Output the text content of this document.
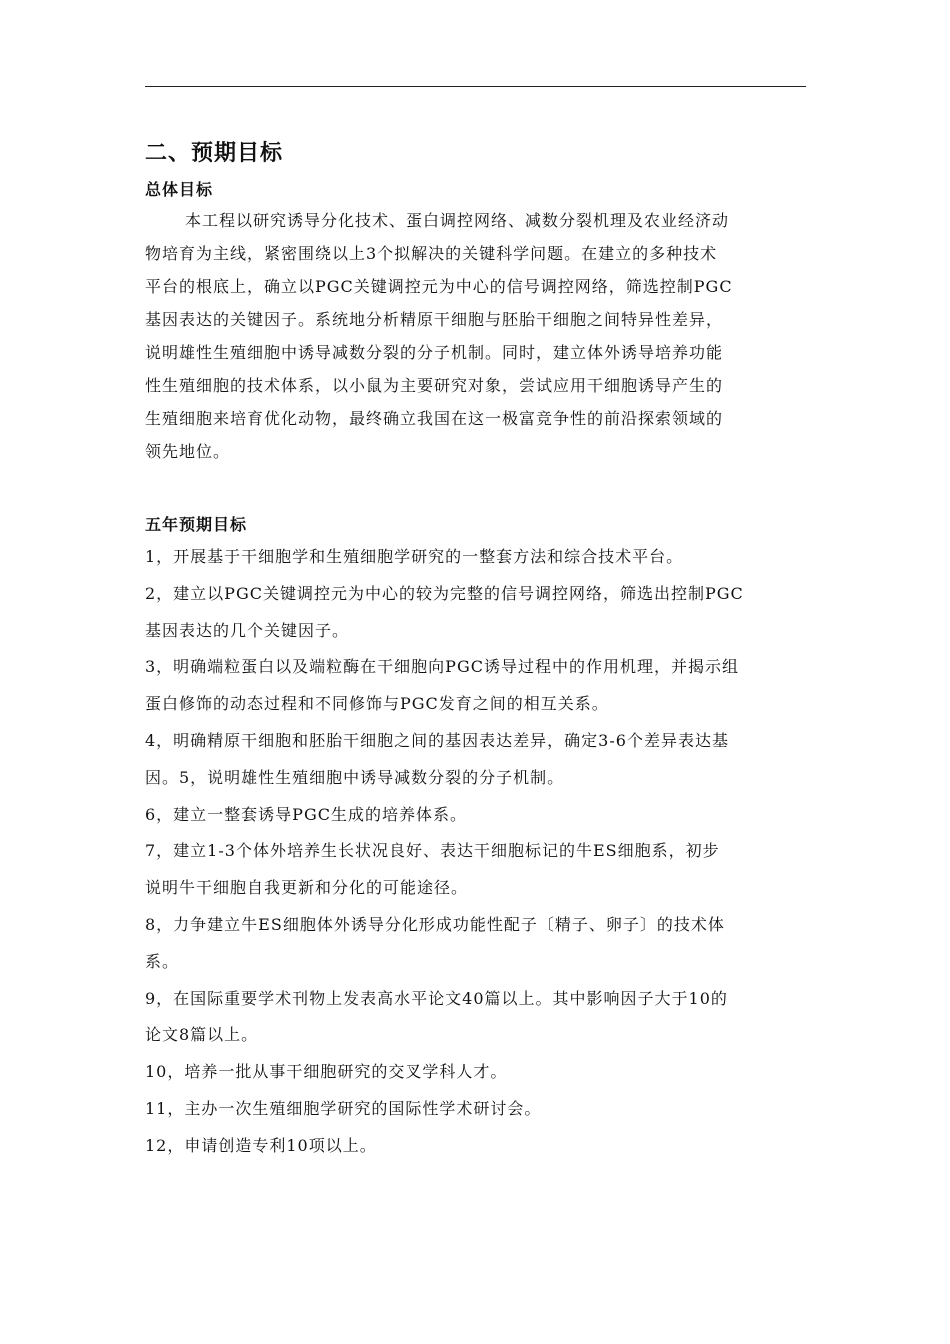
二、预期目标
总体目标
本工程以研究诱导分化技术、蛋白调控网络、减数分裂机理及农业经济动
物培育为主线，紧密围绕以上3个拟解决的关键科学问题。在建立的多种技术
平台的根底上，确立以PGC关键调控元为中心的信号调控网络，筛选控制PGC
基因表达的关键因子。系统地分析精原干细胞与胚胎干细胞之间特异性差异，
说明雄性生殖细胞中诱导减数分裂的分子机制。同时，建立体外诱导培养功能
性生殖细胞的技术体系，以小鼠为主要研究对象，尝试应用干细胞诱导产生的
生殖细胞来培育优化动物，最终确立我国在这一极富竞争性的前沿探索领域的
领先地位。
五年预期目标
1，开展基于干细胞学和生殖细胞学研究的一整套方法和综合技术平台。
2，建立以PGC关键调控元为中心的较为完整的信号调控网络，筛选出控制PGC
基因表达的几个关键因子。
3，明确端粒蛋白以及端粒酶在干细胞向PGC诱导过程中的作用机理，并揭示组
蛋白修饰的动态过程和不同修饰与PGC发育之间的相互关系。
4，明确精原干细胞和胚胎干细胞之间的基因表达差异，确定3-6个差异表达基
因。5，说明雄性生殖细胞中诱导减数分裂的分子机制。
6，建立一整套诱导PGC生成的培养体系。
7，建立1-3个体外培养生长状况良好、表达干细胞标记的牛ES细胞系，初步
说明牛干细胞自我更新和分化的可能途径。
8，力争建立牛ES细胞体外诱导分化形成功能性配子〔精子、卵子〕的技术体
系。
9，在国际重要学术刊物上发表高水平论文40篇以上。其中影响因子大于10的
论文8篇以上。
10，培养一批从事干细胞研究的交叉学科人才。
11，主办一次生殖细胞学研究的国际性学术研讨会。
12，申请创造专利10项以上。
